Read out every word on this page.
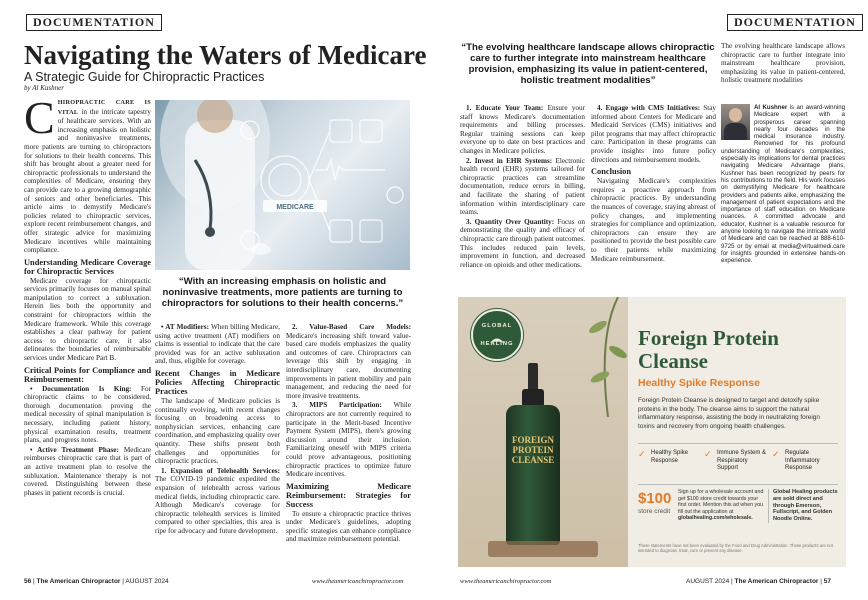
DOCUMENTATION
Navigating the Waters of Medicare
A Strategic Guide for Chiropractic Practices
by Al Kushner
C HIROPRACTIC CARE IS VITAL in the intricate tapestry of healthcare services. With an increasing emphasis on holistic and noninvasive treatments, more patients are turning to chiropractors for solutions to their health concerns. This shift has brought about a greater need for chiropractic professionals to understand the complexities of Medicare, ensuring they can provide care to a growing demographic of seniors and other beneficiaries. This article aims to demystify Medicare's policies related to chiropractic services, explore recent reimbursement changes, and offer strategic advice for maximizing Medicare incentives while maintaining compliance.
Understanding Medicare Coverage for Chiropractic Services

Medicare coverage for chiropractic services primarily focuses on manual spinal manipulation to correct a subluxation. Herein lies both the opportunity and constraint for chiropractors within the Medicare framework. While this coverage establishes a clear pathway for patient access to chiropractic care, it also delineates the boundaries of reimbursable services under Medicare Part B.

Critical Points for Compliance and Reimbursement:

• Documentation Is King: For chiropractic claims to be considered, thorough documentation proving the medical necessity of spinal manipulation is necessary, including patient history, physical examination results, treatment plans, and progress notes.

• Active Treatment Phase: Medicare reimburses chiropractic care that is part of an active treatment plan to resolve the subluxation. Maintenance therapy is not covered. Distinguishing between these phases in patient records is crucial.

MEDICARE
“With an increasing emphasis on holistic and noninvasive treatments, more patients are turning to chiropractors for solutions to their health concerns.”

• AT Modifiers: When billing Medicare, using active treatment (AT) modifiers on claims is essential to indicate that the care provided was for an active subluxation and, thus, eligible for coverage.

Recent Changes in Medicare Policies Affecting Chiropractic Practices

The landscape of Medicare policies is continually evolving, with recent changes focusing on broadening access to nonphysician services, enhancing care coordination, and emphasizing quality over quantity. These shifts present both challenges and opportunities for chiropractic practices.

1. Expansion of Telehealth Services: The COVID-19 pandemic expedited the expansion of telehealth across various medical fields, including chiropractic care. Although Medicare's coverage for chiropractic telehealth services is limited compared to other specialties, this area is ripe for advocacy and future development.

2. Value-Based Care Models: Medicare's increasing shift toward value-based care models emphasizes the quality and outcomes of care. Chiropractors can leverage this shift by engaging in interdisciplinary care, documenting improvements in patient mobility and pain management, and reducing the need for more invasive treatments.

3. MIPS Participation: While chiropractors are not currently required to participate in the Merit-based Incentive Payment System (MIPS), there's growing discussion around their inclusion. Familiarizing oneself with MIPS criteria could prove advantageous, positioning chiropractic practices to optimize future Medicare incentives.

Maximizing Medicare Reimbursement: Strategies for Success

To ensure a chiropractic practice thrives under Medicare's guidelines, adopting specific strategies can enhance compliance and maximize reimbursement potential.

56 | The American Chiropractor | AUGUST 2024	www.theamericanchiropractor.com
DOCUMENTATION
“The evolving healthcare landscape allows chiropractic care to further integrate into mainstream healthcare provision, emphasizing its value in patient-centered, holistic treatment modalities”

1. Educate Your Team: Ensure your staff knows Medicare's documentation requirements and billing processes. Regular training sessions can keep everyone up to date on best practices and changes in Medicare policies.

2. Invest in EHR Systems: Electronic health record (EHR) systems tailored for chiropractic practices can streamline documentation, reduce errors in billing, and facilitate the sharing of patient information within interdisciplinary care teams.

3. Quantity Over Quantity: Focus on demonstrating the quality and efficacy of chiropractic care through patient outcomes. This includes reduced pain levels, improvement in function, and decreased reliance on opioids and other medications.

4. Engage with CMS Initiatives: Stay informed about Centers for Medicare and Medicaid Services (CMS) initiatives and pilot programs that may affect chiropractic care. Participation in these programs can provide insights into future policy directions and reimbursement models.

Conclusion

Navigating Medicare's complexities requires a proactive approach from chiropractic practices. By understanding the nuances of coverage, staying abreast of policy changes, and implementing strategies for compliance and optimization, chiropractors can ensure they are positioned to provide the best possible care to their patients while maximizing Medicare reimbursement.

The evolving healthcare landscape allows chiropractic care to further integrate into mainstream healthcare provision, emphasizing its value in patient-centered, holistic treatment modalities
Al Kushner is an award-winning Medicare expert with a prosperous career spanning nearly four decades in the medical insurance industry. Renowned for his profound understanding of Medicare's complexities, especially its implications for dental practices navigating Medicare Advantage plans, Kushner has been recognized by peers for his contributions to the field. His work focuses on demystifying Medicare for healthcare providers and patients alike, emphasizing the management of patient expectations and the importance of staff education on Medicare nuances. A committed advocate and educator, Kushner is a valuable resource for anyone looking to navigate the intricate world of Medicare and can be reached at 888-610-9725 or by email at media@virtualmedi.care for insights grounded in extensive hands-on experience.
GLOBAL
HEALING
FOREIGN
PROTEIN
CLEANSE
Foreign Protein
Cleanse
Healthy Spike Response
Foreign Protein Cleanse is designed to target and detoxify spike proteins in the body. The cleanse aims to support the natural inflammatory response, assisting the body in neutralizing foreign toxins and recovery from ongoing health challenges.
✓ Healthy Spike Response
✓ Immune System & Respiratory Support
✓ Regulate Inflammatory Response
$100
store credit
Sign up for a wholesale account and get $100 store credit towards your first order. Mention this ad when you fill out the application at globalhealing.com/wholesale.
Global Healing products are sold direct and through Emerson, Fullscript, and Golden Noodle Online.
These statements have not been evaluated by the Food and Drug Administration. These products are not intended to diagnose, treat, cure or prevent any disease.
www.theamericanchiropractor.com	AUGUST 2024 | The American Chiropractor | 57
